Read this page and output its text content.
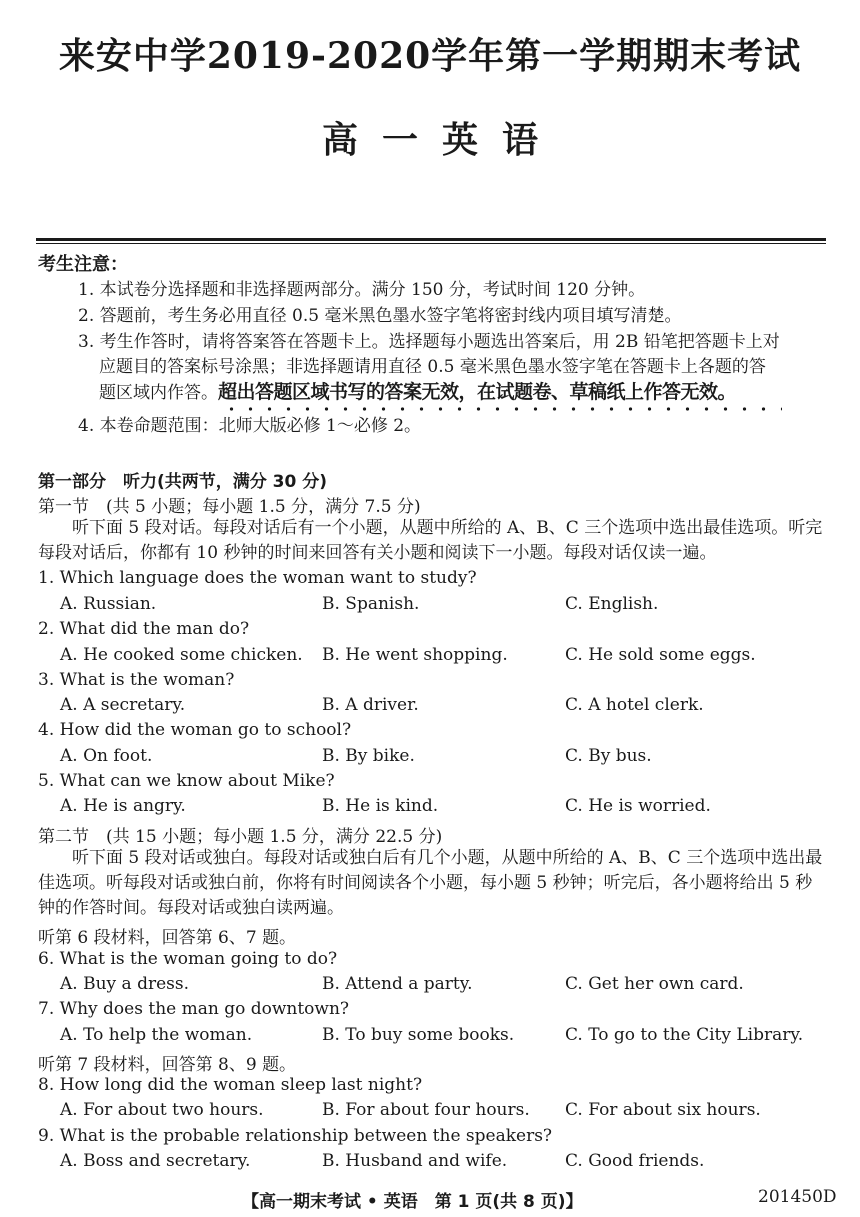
来安中学2019-2020学年第一学期期末考试
高一英语
考生注意：
1. 本试卷分选择题和非选择题两部分。满分 150 分，考试时间 120 分钟。
2. 答题前，考生务必用直径 0.5 毫米黑色墨水签字笔将密封线内项目填写清楚。
3. 考生作答时，请将答案答在答题卡上。选择题每小题选出答案后，用 2B 铅笔把答题卡上对
应题目的答案标号涂黑；非选择题请用直径 0.5 毫米黑色墨水签字笔在答题卡上各题的答
题区域内作答。超出答题区域书写的答案无效，在试题卷、草稿纸上作答无效。
4. 本卷命题范围：北师大版必修 1～必修 2。
第一部分　听力(共两节，满分 30 分)
第一节　(共 5 小题；每小题 1.5 分，满分 7.5 分)
听下面 5 段对话。每段对话后有一个小题，从题中所给的 A、B、C 三个选项中选出最佳选项。听完每段对话后，你都有 10 秒钟的时间来回答有关小题和阅读下一小题。每段对话仅读一遍。
1. Which language does the woman want to study?
A. Russian.	B. Spanish.	C. English.
2. What did the man do?
A. He cooked some chicken. B. He went shopping.	C. He sold some eggs.
3. What is the woman?
A. A secretary.	B. A driver.	C. A hotel clerk.
4. How did the woman go to school?
A. On foot.	B. By bike.	C. By bus.
5. What can we know about Mike?
A. He is angry.	B. He is kind.	C. He is worried.
第二节　(共 15 小题；每小题 1.5 分，满分 22.5 分)
听下面 5 段对话或独白。每段对话或独白后有几个小题，从题中所给的 A、B、C 三个选项中选出最佳选项。听每段对话或独白前，你将有时间阅读各个小题，每小题 5 秒钟；听完后，各小题将给出 5 秒钟的作答时间。每段对话或独白读两遍。
听第 6 段材料，回答第 6、7 题。
6. What is the woman going to do?
A. Buy a dress.	B. Attend a party.	C. Get her own card.
7. Why does the man go downtown?
A. To help the woman.	B. To buy some books.	C. To go to the City Library.
听第 7 段材料，回答第 8、9 题。
8. How long did the woman sleep last night?
A. For about two hours.	B. For about four hours. C. For about six hours.
9. What is the probable relationship between the speakers?
A. Boss and secretary.	B. Husband and wife.	C. Good friends.
【高一期末考试 • 英语　第 1 页(共 8 页)】	201450D
